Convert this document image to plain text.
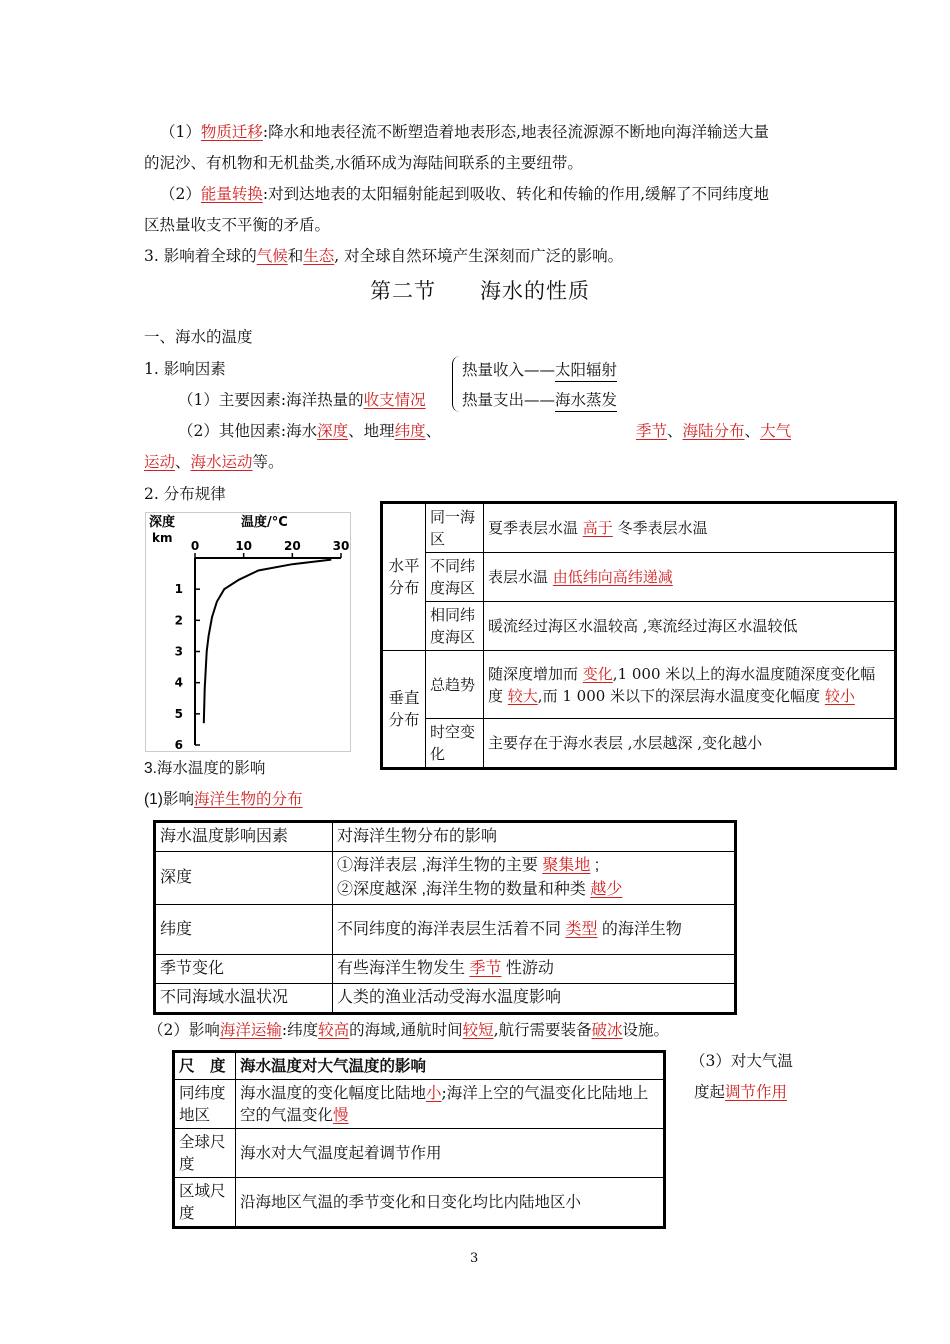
（1）物质迁移:降水和地表径流不断塑造着地表形态,地表径流源源不断地向海洋输送大量
的泥沙、有机物和无机盐类,水循环成为海陆间联系的主要纽带。
（2）能量转换:对到达地表的太阳辐射能起到吸收、转化和传输的作用,缓解了不同纬度地
区热量收支不平衡的矛盾。
3. 影响着全球的气候和生态, 对全球自然环境产生深刻而广泛的影响。
第二节　　海水的性质
一、海水的温度
1. 影响因素
（1）主要因素:海洋热量的收支情况
热量收入——太阳辐射
热量支出——海水蒸发
（2）其他因素:海水深度、地理纬度、	季节、海陆分布、大气
运动、海水运动等。
2. 分布规律
深度
km
温度/°C
0	10	20	30
1
2
3
4
5
6
水平分布	同一海区	夏季表层水温 高于 冬季表层水温
	不同纬度海区	表层水温 由低纬向高纬递减
	相同纬度海区	暖流经过海区水温较高 ,寒流经过海区水温较低
垂直分布	总趋势	随深度增加而 变化,1 000 米以上的海水温度随深度变化幅度 较大,而 1 000 米以下的深层海水温度变化幅度 较小
	时空变化	主要存在于海水表层 ,水层越深 ,变化越小
3.海水温度的影响
(1)影响海洋生物的分布
海水温度影响因素	对海洋生物分布的影响
深度	①海洋表层 ,海洋生物的主要 聚集地 ;
②深度越深 ,海洋生物的数量和种类 越少
纬度	不同纬度的海洋表层生活着不同 类型 的海洋生物
季节变化	有些海洋生物发生 季节 性游动
不同海域水温状况	人类的渔业活动受海水温度影响
（2）影响海洋运输:纬度较高的海域,通航时间较短,航行需要装备破冰设施。
尺　度	海水温度对大气温度的影响
同纬度地区	海水温度的变化幅度比陆地小;海洋上空的气温变化比陆地上空的气温变化慢
全球尺度	海水对大气温度起着调节作用
区域尺度	沿海地区气温的季节变化和日变化均比内陆地区小
（3）对大气温
度起调节作用
3
